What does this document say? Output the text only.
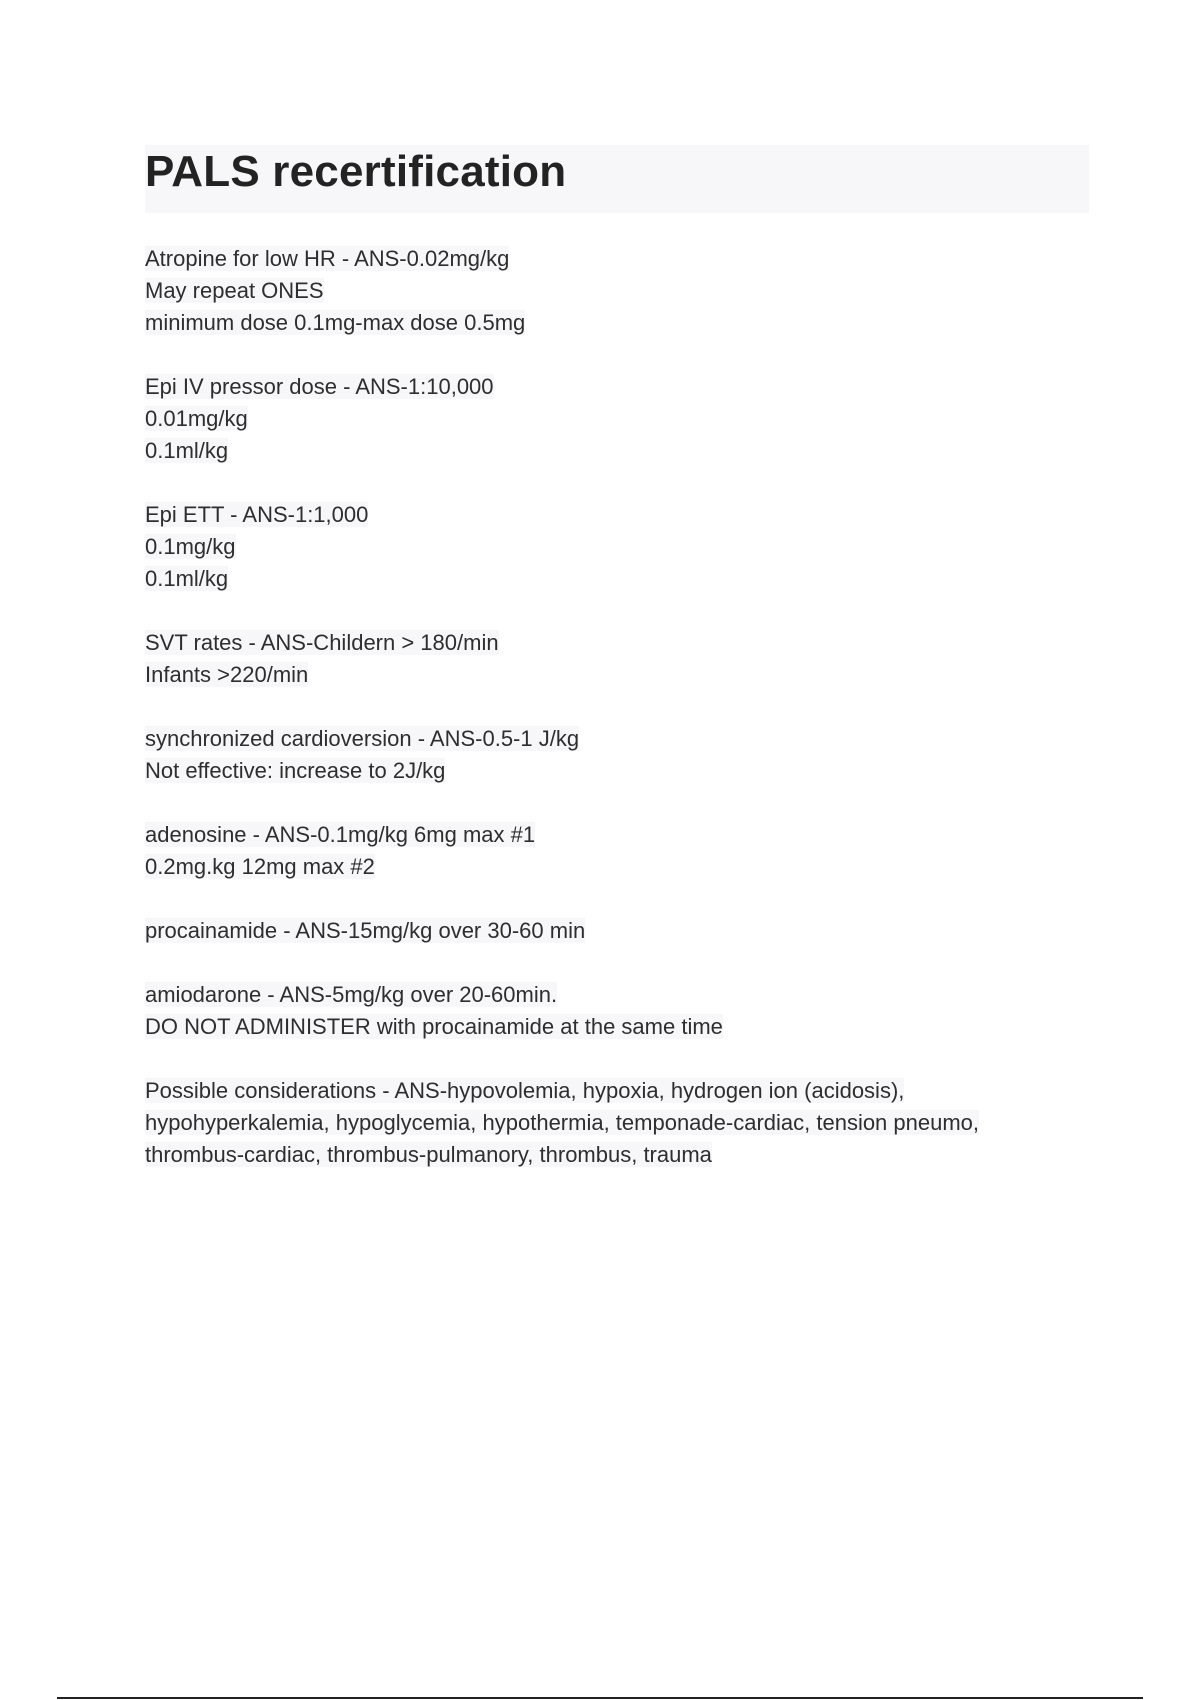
PALS recertification
Atropine for low HR - ANS-0.02mg/kg
May repeat ONES
minimum dose 0.1mg-max dose 0.5mg
Epi IV pressor dose - ANS-1:10,000
0.01mg/kg
0.1ml/kg
Epi ETT - ANS-1:1,000
0.1mg/kg
0.1ml/kg
SVT rates - ANS-Childern > 180/min
Infants >220/min
synchronized cardioversion - ANS-0.5-1 J/kg
Not effective: increase to 2J/kg
adenosine - ANS-0.1mg/kg 6mg max #1
0.2mg.kg 12mg max #2
procainamide - ANS-15mg/kg over 30-60 min
amiodarone - ANS-5mg/kg over 20-60min.
DO NOT ADMINISTER with procainamide at the same time
Possible considerations - ANS-hypovolemia, hypoxia, hydrogen ion (acidosis),
hypohyperkalemia, hypoglycemia, hypothermia, temponade-cardiac, tension pneumo,
thrombus-cardiac, thrombus-pulmanory, thrombus, trauma
